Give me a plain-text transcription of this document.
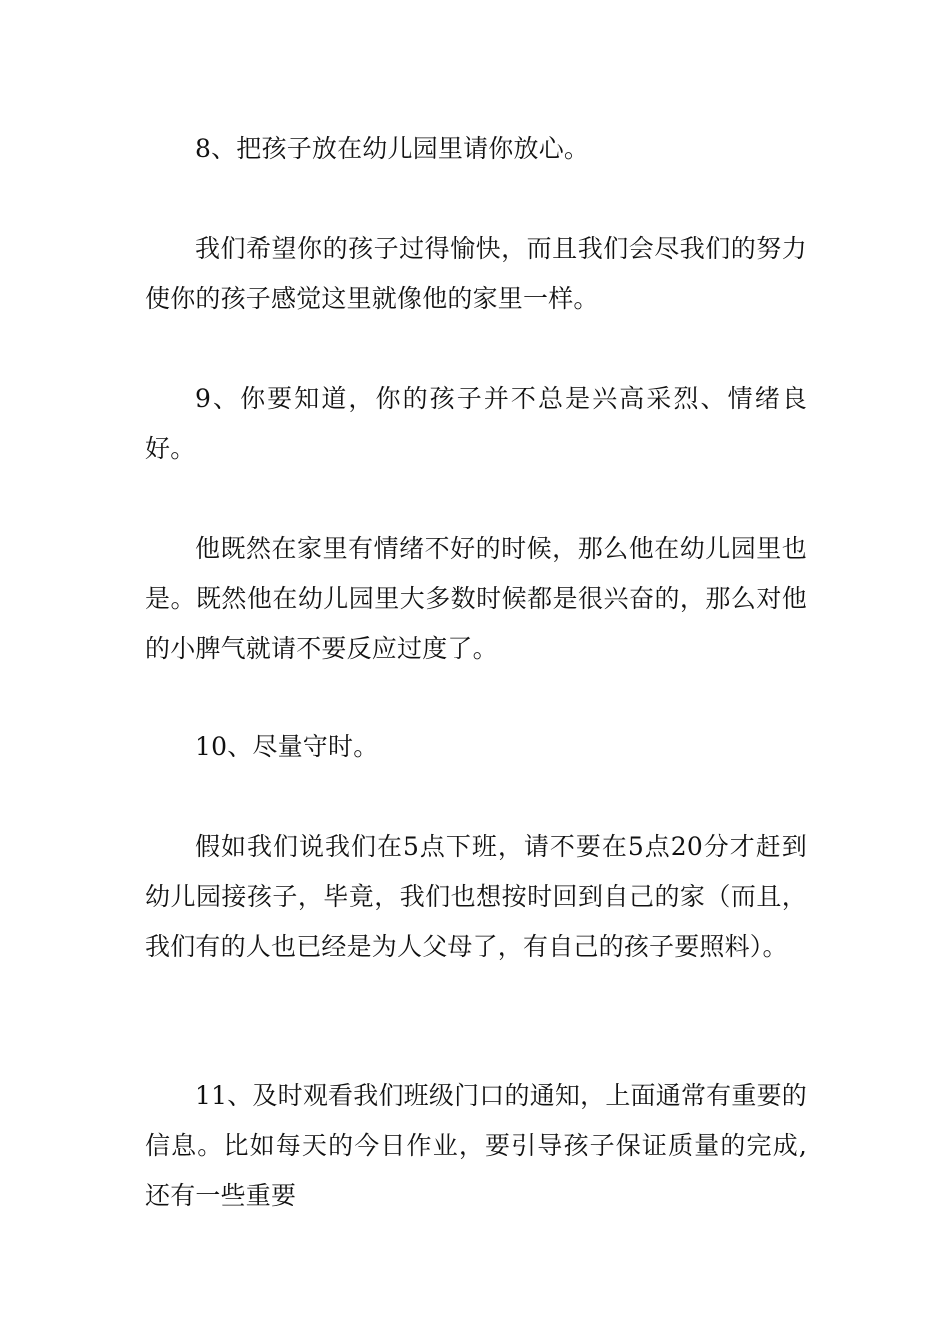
8、把孩子放在幼儿园里请你放心。

我们希望你的孩子过得愉快，而且我们会尽我们的努力使你的孩子感觉这里就像他的家里一样。

9、你要知道，你的孩子并不总是兴高采烈、情绪良好。

他既然在家里有情绪不好的时候，那么他在幼儿园里也是。既然他在幼儿园里大多数时候都是很兴奋的，那么对他的小脾气就请不要反应过度了。

10、尽量守时。

假如我们说我们在5点下班，请不要在5点20分才赶到幼儿园接孩子，毕竟，我们也想按时回到自己的家（而且，我们有的人也已经是为人父母了，有自己的孩子要照料）。

11、及时观看我们班级门口的通知，上面通常有重要的信息。比如每天的今日作业，要引导孩子保证质量的完成,还有一些重要
